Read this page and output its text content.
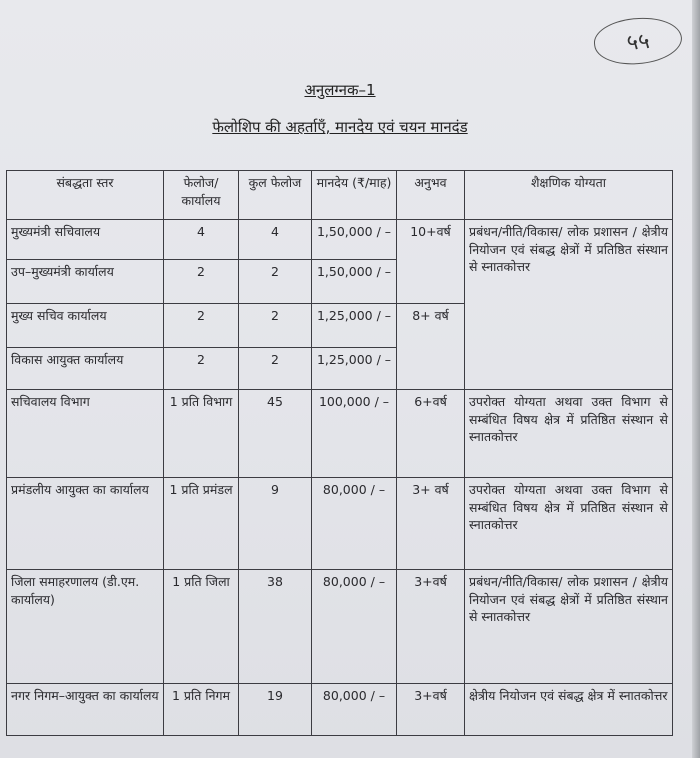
५५
अनुलग्नक–1
फेलोशिप की अहर्ताएँ, मानदेय एवं चयन मानदंड
संबद्धता स्तर	फेलोज/ कार्यालय	कुल फेलोज	मानदेय (₹/माह)	अनुभव	शैक्षणिक योग्यता
मुख्यमंत्री सचिवालय	4	4	1,50,000 / –	10+वर्ष	प्रबंधन/नीति/विकास/ लोक प्रशासन / क्षेत्रीय नियोजन एवं संबद्ध क्षेत्रों में प्रतिष्ठित संस्थान से स्नातकोत्तर
उप–मुख्यमंत्री कार्यालय	2	2	1,50,000 / –		
मुख्य सचिव कार्यालय	2	2	1,25,000 / –	8+ वर्ष	
विकास आयुक्त कार्यालय	2	2	1,25,000 / –		
सचिवालय विभाग	1 प्रति विभाग	45	100,000 / –	6+वर्ष	उपरोक्त योग्यता अथवा उक्त विभाग से सम्बंधित विषय क्षेत्र में प्रतिष्ठित संस्थान से स्नातकोत्तर
प्रमंडलीय आयुक्त का कार्यालय	1 प्रति प्रमंडल	9	80,000 / –	3+ वर्ष	उपरोक्त योग्यता अथवा उक्त विभाग से सम्बंधित विषय क्षेत्र में प्रतिष्ठित संस्थान से स्नातकोत्तर
जिला समाहरणालय (डी.एम. कार्यालय)	1 प्रति जिला	38	80,000 / –	3+वर्ष	प्रबंधन/नीति/विकास/ लोक प्रशासन / क्षेत्रीय नियोजन एवं संबद्ध क्षेत्रों में प्रतिष्ठित संस्थान से स्नातकोत्तर
नगर निगम–आयुक्त का कार्यालय	1 प्रति निगम	19	80,000 / –	3+वर्ष	क्षेत्रीय नियोजन एवं संबद्ध क्षेत्र में स्नातकोत्तर
